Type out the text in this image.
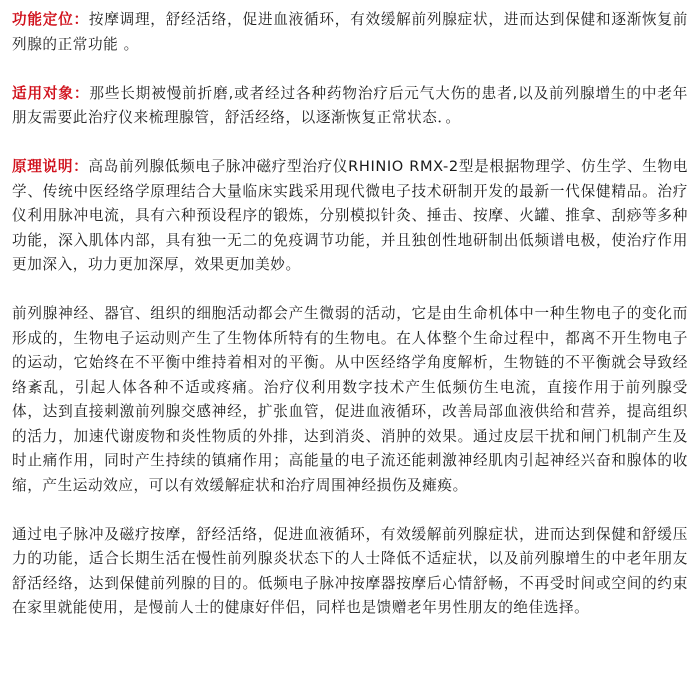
功能定位：按摩调理，舒经活络，促进血液循环，有效缓解前列腺症状，进而达到保健和逐渐恢复前列腺的正常功能 。

适用对象：那些长期被慢前折磨,或者经过各种药物治疗后元气大伤的患者,以及前列腺增生的中老年朋友需要此治疗仪来梳理腺管，舒活经络，以逐渐恢复正常状态．。

原理说明：高岛前列腺低频电子脉冲磁疗型治疗仪RHINIO RMX-2型是根据物理学、仿生学、生物电学、传统中医经络学原理结合大量临床实践采用现代微电子技术研制开发的最新一代保健精品。治疗仪利用脉冲电流，具有六种预设程序的锻炼，分别模拟针灸、捶击、按摩、火罐、推拿、刮痧等多种功能，深入肌体内部，具有独一无二的免疫调节功能，并且独创性地研制出低频谱电极，使治疗作用更加深入，功力更加深厚，效果更加美妙。

前列腺神经、器官、组织的细胞活动都会产生微弱的活动，它是由生命机体中一种生物电子的变化而形成的，生物电子运动则产生了生物体所特有的生物电。在人体整个生命过程中，都离不开生物电子的运动，它始终在不平衡中维持着相对的平衡。从中医经络学角度解析，生物链的不平衡就会导致经络紊乱，引起人体各种不适或疼痛。治疗仪利用数字技术产生低频仿生电流，直接作用于前列腺受体，达到直接刺激前列腺交感神经，扩张血管，促进血液循环，改善局部血液供给和营养，提高组织的活力，加速代谢废物和炎性物质的外排，达到消炎、消肿的效果。通过皮层干扰和闸门机制产生及时止痛作用，同时产生持续的镇痛作用；高能量的电子流还能刺激神经肌肉引起神经兴奋和腺体的收缩，产生运动效应，可以有效缓解症状和治疗周围神经损伤及瘫痪。

通过电子脉冲及磁疗按摩，舒经活络，促进血液循环，有效缓解前列腺症状，进而达到保健和舒缓压力的功能，适合长期生活在慢性前列腺炎状态下的人士降低不适症状，以及前列腺增生的中老年朋友舒活经络，达到保健前列腺的目的。低频电子脉冲按摩器按摩后心情舒畅，不再受时间或空间的约束在家里就能使用，是慢前人士的健康好伴侣，同样也是馈赠老年男性朋友的绝佳选择。
